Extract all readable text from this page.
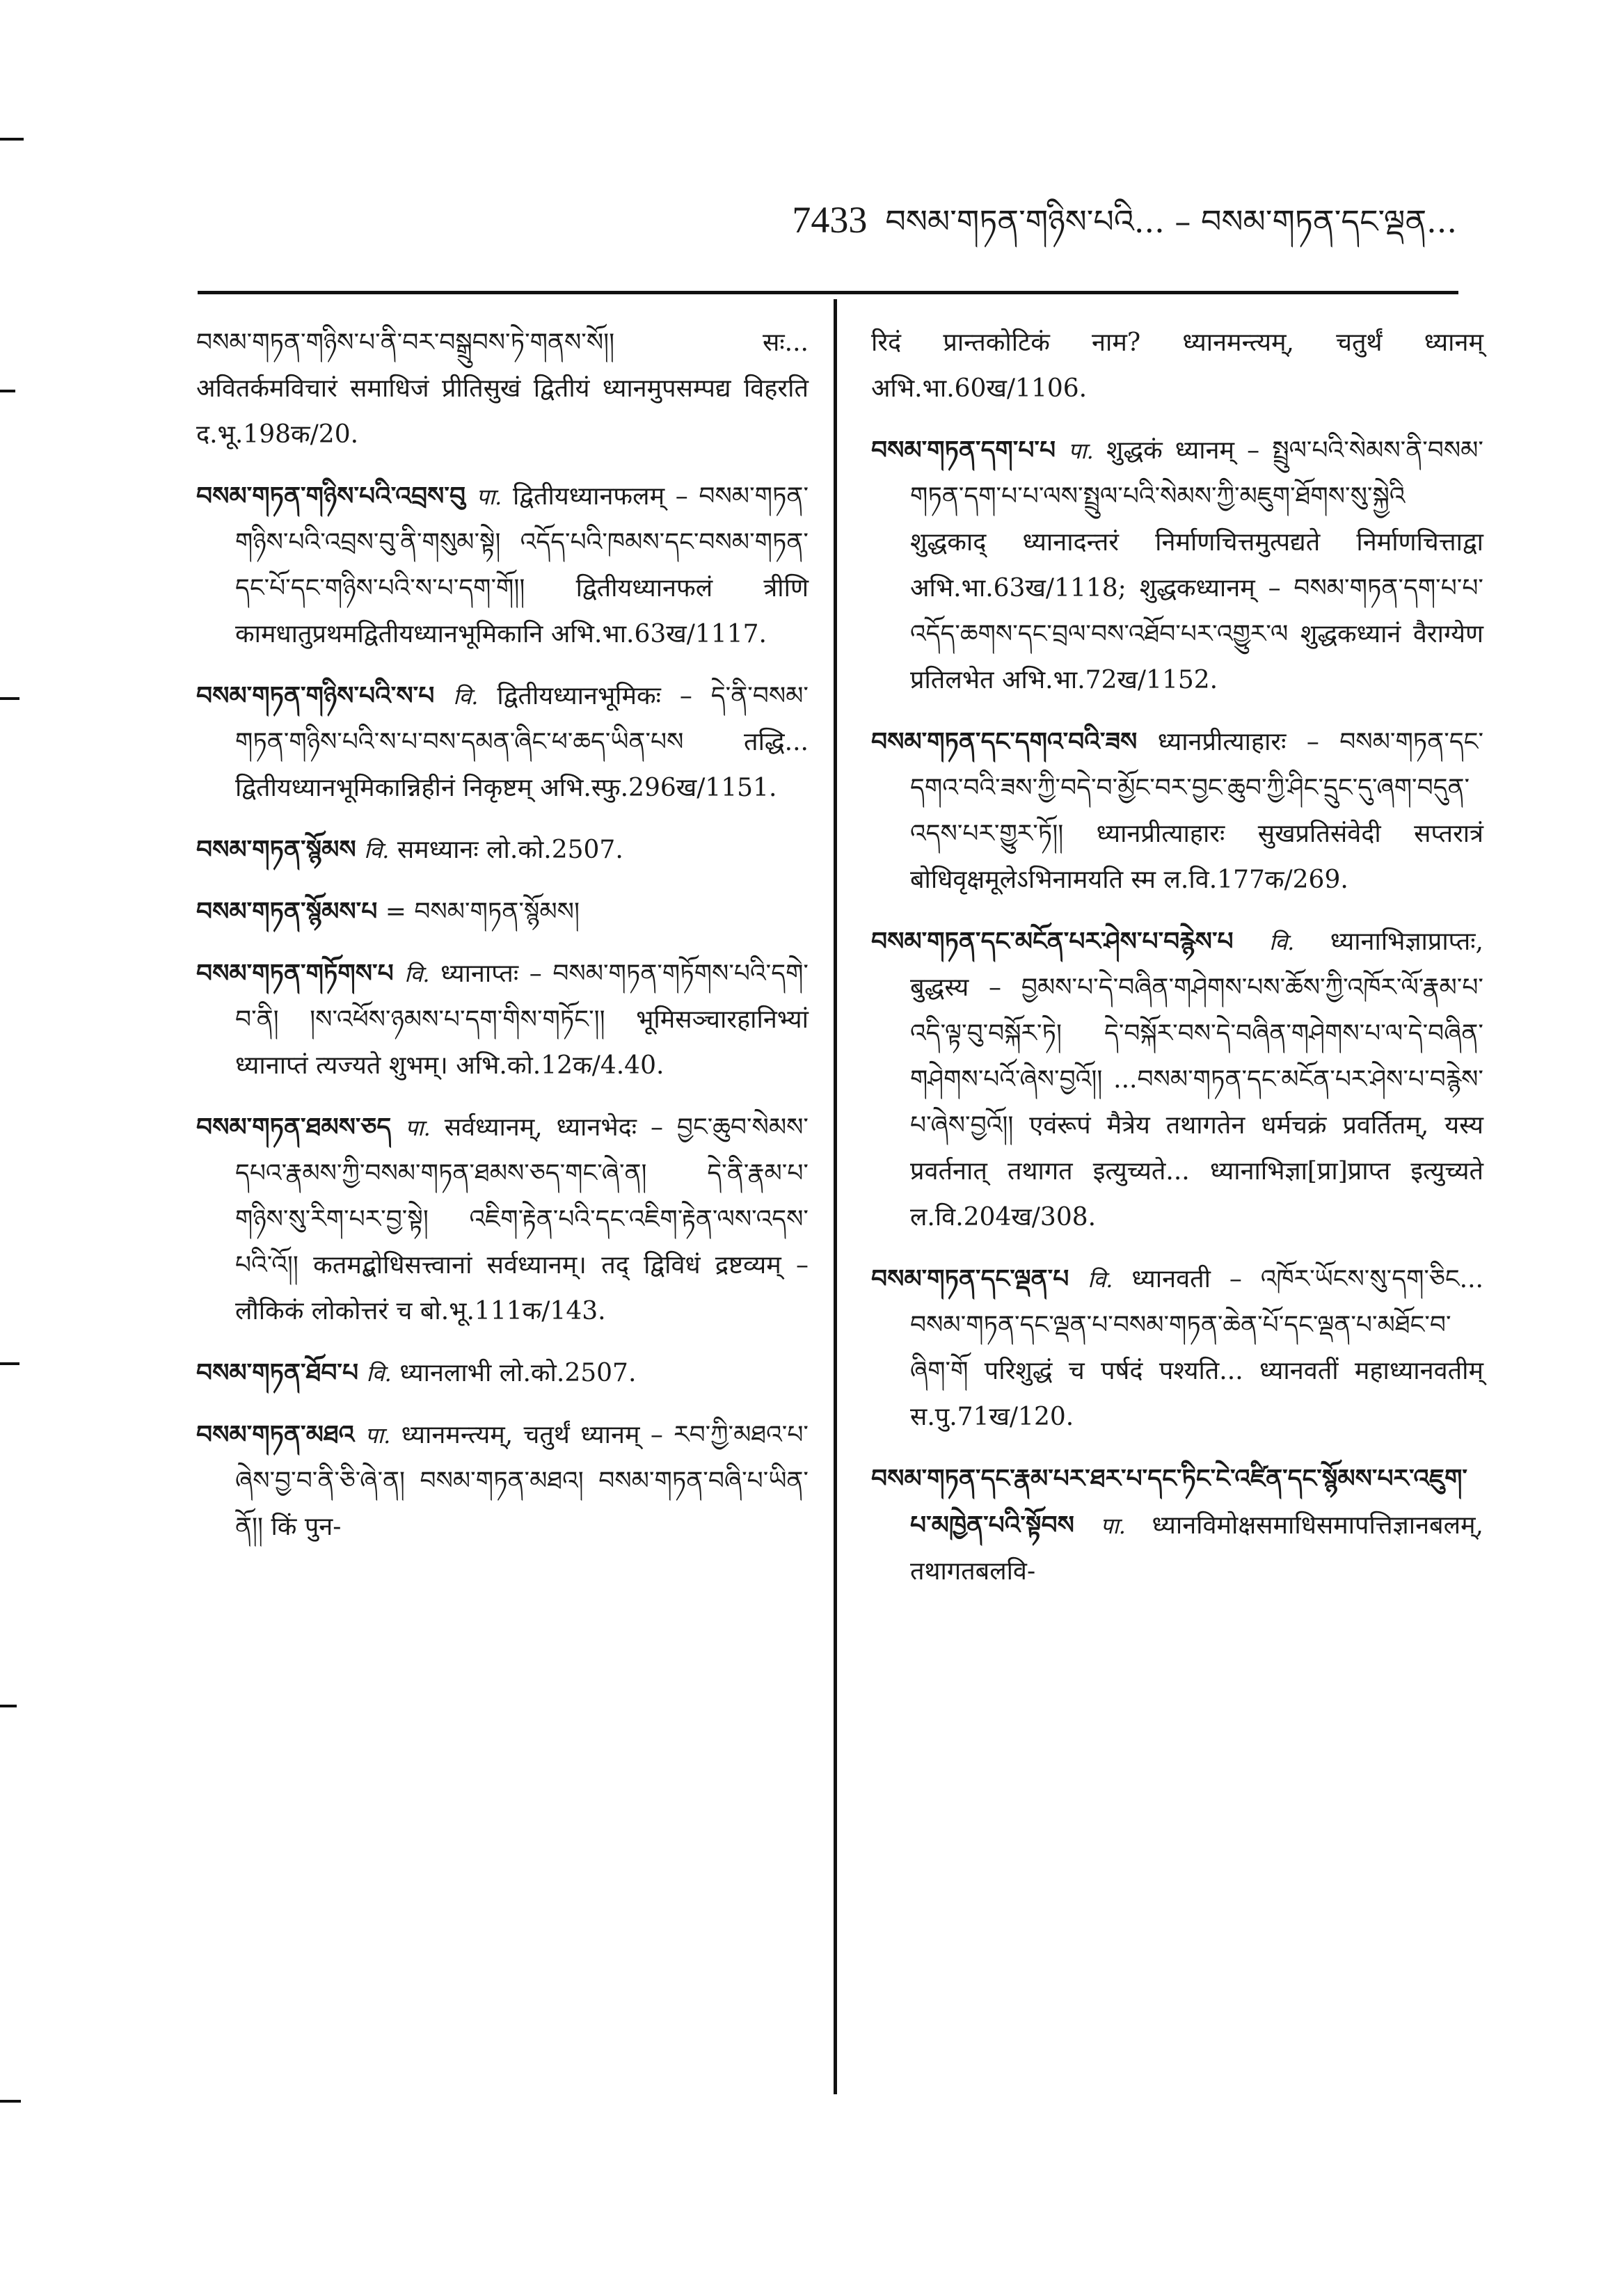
7433 བསམ་གཏན་གཉིས་པའི... – བསམ་གཏན་དང་ལྡན...

བསམ་གཏན་གཉིས་པ་ནི་བར་བསྒྲུབས་ཏེ་གནས་སོ།། सः... अवितर्कमविचारं समाधिजं प्रीतिसुखं द्वितीयं ध्यानमुपसम्पद्य विहरति द.भू.198क/20.

བསམ་གཏན་གཉིས་པའི་འབྲས་བུ पा. द्वितीयध्यानफलम् – བསམ་གཏན་གཉིས་པའི་འབྲས་བུ་ནི་གསུམ་སྟེ། འདོད་པའི་ཁམས་དང་བསམ་གཏན་དང་པོ་དང་གཉིས་པའི་ས་པ་དག་གོ།། द्वितीयध्यानफलं त्रीणि कामधातुप्रथमद्वितीयध्यानभूमिकानि अभि.भा.63ख/1117.

བསམ་གཏན་གཉིས་པའི་ས་པ वि. द्वितीयध्यानभूमिकः – དེ་ནི་བསམ་གཏན་གཉིས་པའི་ས་པ་བས་དམན་ཞིང་ཕ་ཆད་ཡིན་པས तद्धि... द्वितीयध्यानभूमिकान्निहीनं निकृष्टम् अभि.स्फु.296ख/1151.

བསམ་གཏན་སྙོམས वि. समध्यानः लो.को.2507.

བསམ་གཏན་སྙོམས་པ = བསམ་གཏན་སྙོམས།

བསམ་གཏན་གཏོགས་པ वि. ध्यानाप्तः – བསམ་གཏན་གཏོགས་པའི་དགེ་བ་ནི། །ས་འཕོས་ཉམས་པ་དག་གིས་གཏོང་།། भूमिसञ्चारहानिभ्यां ध्यानाप्तं त्यज्यते शुभम्। अभि.को.12क/4.40.

བསམ་གཏན་ཐམས་ཅད पा. सर्वध्यानम्, ध्यानभेदः – བྱང་ཆུབ་སེམས་དཔའ་རྣམས་ཀྱི་བསམ་གཏན་ཐམས་ཅད་གང་ཞེ་ན། དེ་ནི་རྣམ་པ་གཉིས་སུ་རིག་པར་བྱ་སྟེ། འཇིག་རྟེན་པའི་དང་འཇིག་རྟེན་ལས་འདས་པའི་འོ།། कतमद्बोधिसत्त्वानां सर्वध्यानम्। तद् द्विविधं द्रष्टव्यम् – लौकिकं लोकोत्तरं च बो.भू.111क/143.

བསམ་གཏན་ཐོབ་པ वि. ध्यानलाभी लो.को.2507.

བསམ་གཏན་མཐའ पा. ध्यानमन्त्यम्, चतुर्थं ध्यानम् – རབ་ཀྱི་མཐའ་པ་ཞེས་བྱ་བ་ནི་ཅི་ཞེ་ན། བསམ་གཏན་མཐའ། བསམ་གཏན་བཞི་པ་ཡིན་ནོ།། किं पुन-

रिदं प्रान्तकोटिकं नाम? ध्यानमन्त्यम्, चतुर्थं ध्यानम् अभि.भा.60ख/1106.

བསམ་གཏན་དག་པ་པ पा. शुद्धकं ध्यानम् – སྤྲུལ་པའི་སེམས་ནི་བསམ་གཏན་དག་པ་པ་ལས་སྤྲུལ་པའི་སེམས་ཀྱི་མཇུག་ཐོགས་སུ་སྐྱེའི शुद्धकाद् ध्यानादन्तरं निर्माणचित्तमुत्पद्यते निर्माणचित्ताद्वा अभि.भा.63ख/1118; शुद्धकध्यानम् – བསམ་གཏན་དག་པ་པ་འདོད་ཆགས་དང་བྲལ་བས་འཐོབ་པར་འགྱུར་ལ शुद्धकध्यानं वैराग्येण प्रतिलभेत अभि.भा.72ख/1152.

བསམ་གཏན་དང་དགའ་བའི་ཟས ध्यानप्रीत्याहारः – བསམ་གཏན་དང་དགའ་བའི་ཟས་ཀྱི་བདེ་བ་མྱོང་བར་བྱང་ཆུབ་ཀྱི་ཤིང་དྲུང་དུ་ཞག་བདུན་འདས་པར་གྱུར་ཏོ།། ध्यानप्रीत्याहारः सुखप्रतिसंवेदी सप्तरात्रं बोधिवृक्षमूलेऽभिनामयति स्म ल.वि.177क/269.

བསམ་གཏན་དང་མངོན་པར་ཤེས་པ་བརྙེས་པ वि. ध्यानाभिज्ञाप्राप्तः, बुद्धस्य – བྱམས་པ་དེ་བཞིན་གཤེགས་པས་ཆོས་ཀྱི་འཁོར་ལོ་རྣམ་པ་འདི་ལྟ་བུ་བསྐོར་ཏེ། དེ་བསྐོར་བས་དེ་བཞིན་གཤེགས་པ་ལ་དེ་བཞིན་གཤེགས་པའོ་ཞེས་བྱའོ།། ...བསམ་གཏན་དང་མངོན་པར་ཤེས་པ་བརྙེས་པ་ཞེས་བྱའོ།། एवंरूपं मैत्रेय तथागतेन धर्मचक्रं प्रवर्तितम्, यस्य प्रवर्तनात् तथागत इत्युच्यते... ध्यानाभिज्ञा[प्रा]प्राप्त इत्युच्यते ल.वि.204ख/308.

བསམ་གཏན་དང་ལྡན་པ वि. ध्यानवती – འཁོར་ཡོངས་སུ་དག་ཅིང... བསམ་གཏན་དང་ལྡན་པ་བསམ་གཏན་ཆེན་པོ་དང་ལྡན་པ་མཐོང་བ་ཞིག་གོ परिशुद्धं च पर्षदं पश्यति... ध्यानवतीं महाध्यानवतीम् स.पु.71ख/120.

བསམ་གཏན་དང་རྣམ་པར་ཐར་པ་དང་ཏིང་ངེ་འཛིན་དང་སྙོམས་པར་འཇུག་པ་མཁྱེན་པའི་སྟོབས पा. ध्यानविमोक्षसमाधिसमापत्तिज्ञानबलम्, तथागतबलवि-
